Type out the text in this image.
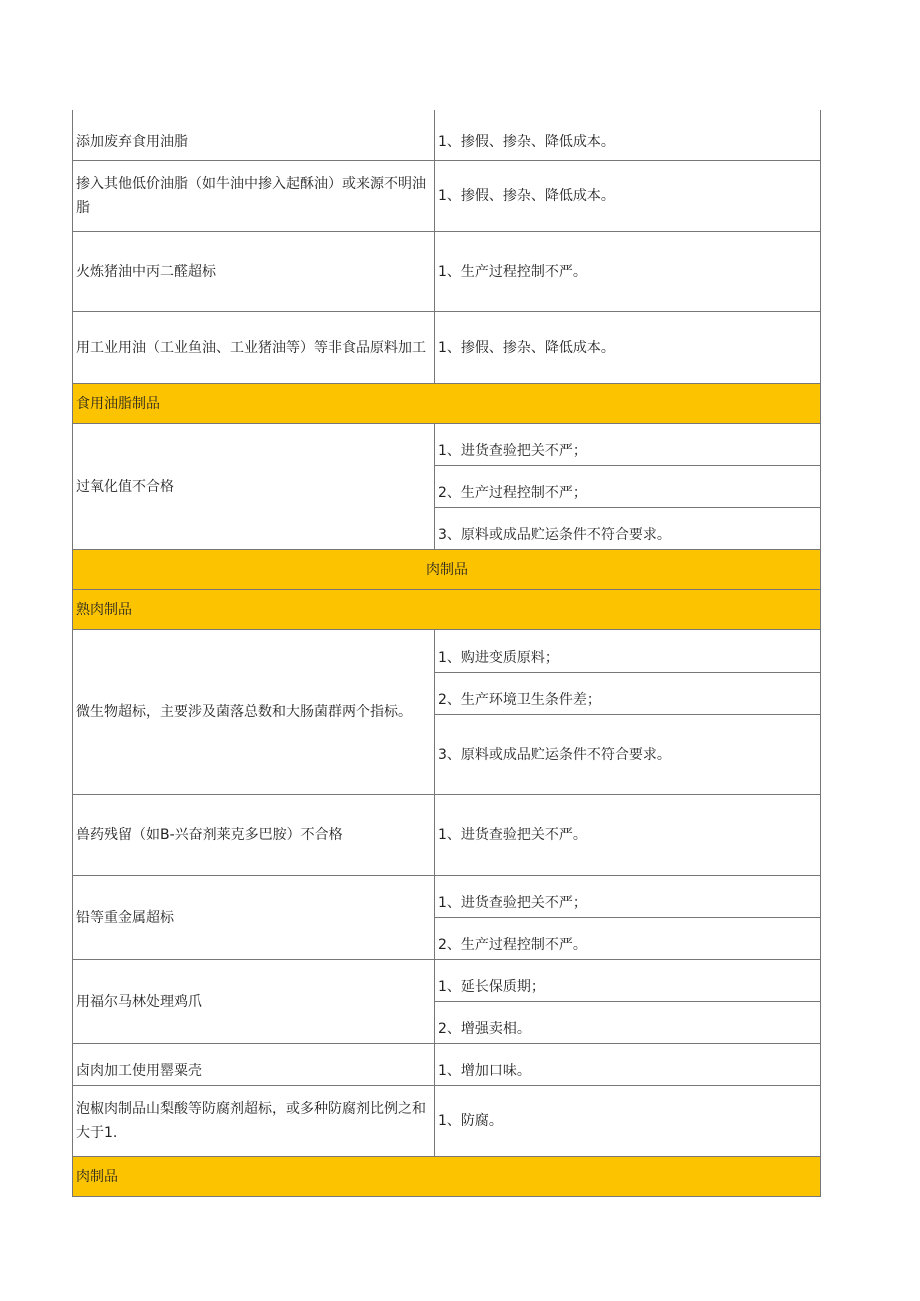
添加废弃食用油脂	1、掺假、掺杂、降低成本。

掺入其他低价油脂（如牛油中掺入起酥油）或来源不明油脂	1、掺假、掺杂、降低成本。

火炼猪油中丙二醛超标	1、生产过程控制不严。

用工业用油（工业鱼油、工业猪油等）等非食品原料加工	1、掺假、掺杂、降低成本。

食用油脂制品	

过氧化值不合格	1、进货查验把关不严；

	2、生产过程控制不严；

	3、原料或成品贮运条件不符合要求。

肉制品	
熟肉制品	

微生物超标，主要涉及菌落总数和大肠菌群两个指标。	1、购进变质原料；

	2、生产环境卫生条件差；

	3、原料或成品贮运条件不符合要求。

兽药残留（如B-兴奋剂莱克多巴胺）不合格	1、进货查验把关不严。

铅等重金属超标	1、进货查验把关不严；

	2、生产过程控制不严。

用福尔马林处理鸡爪	1、延长保质期；

	2、增强卖相。

卤肉加工使用罂粟壳	1、增加口味。

泡椒肉制品山梨酸等防腐剂超标，或多种防腐剂比例之和大于1.	1、防腐。

肉制品	
